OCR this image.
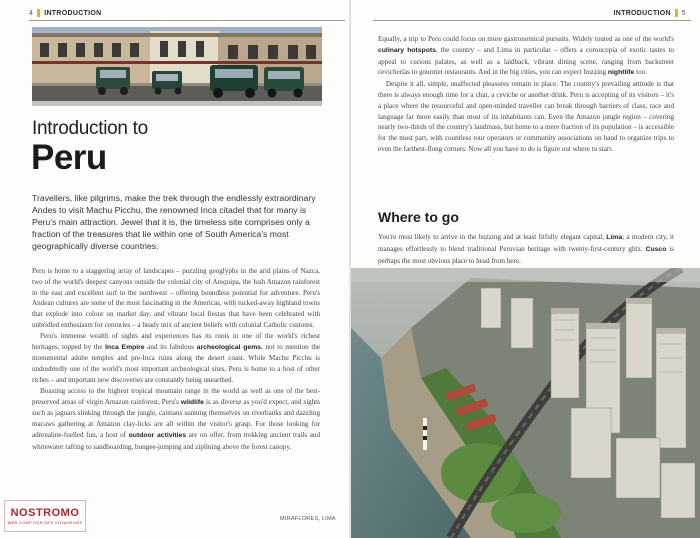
4 INTRODUCTION
Introduction to
Peru

Travellers, like pilgrims, make the trek through the endlessly extraordinary Andes to visit Machu Picchu, the renowned Inca citadel that for many is Peru's main attraction. Jewel that it is, the timeless site comprises only a fraction of the treasures that lie within one of South America's most geographically diverse countries.

Peru is home to a staggering array of landscapes – puzzling geoglyphs in the arid plains of Nazca, two of the world's deepest canyons outside the colonial city of Arequipa, the lush Amazon rainforest in the east and excellent surf in the northwest – offering boundless potential for adventure. Peru's Andean cultures are some of the most fascinating in the Americas, with tucked-away highland towns that explode into colour on market day, and vibrant local fiestas that have been celebrated with unbridled enthusiasm for centuries – a heady mix of ancient beliefs with colonial Catholic customs.

Peru's immense wealth of sights and experiences has its roots in one of the world's richest heritages, topped by the Inca Empire and its fabulous archeological gems, not to mention the monumental adobe temples and pre-Inca ruins along the desert coast. While Machu Picchu is undoubtedly one of the world's most important archeological sites, Peru is home to a host of other riches – and important new discoveries are constantly being unearthed.

Boasting access to the highest tropical mountain range in the world as well as one of the best-preserved areas of virgin Amazon rainforest, Peru's wildlife is as diverse as you'd expect, and sights such as jaguars slinking through the jungle, caimans sunning themselves on riverbanks and dazzling macaws gathering at Amazon clay-licks are all within the visitor's grasp. For those looking for adrenaline-fuelled fun, a host of outdoor activities are on offer, from trekking ancient trails and whitewater rafting to sandboarding, bungee-jumping and ziplining above the forest canopy.

MIRAFLORES, LIMA
NOSTROMO
WEB COMPTOIR DES VOYAGEURS
INTRODUCTION 5

Equally, a trip to Peru could focus on more gastronomical pursuits. Widely touted as one of the world's culinary hotspots, the country – and Lima in particular – offers a cornucopia of exotic tastes to appeal to curious palates, as well as a laidback, vibrant dining scene, ranging from backstreet cevicherías to gourmet restaurants. And in the big cities, you can expect buzzing nightlife too.

Despite it all, simple, unaffected pleasures remain in place. The country's prevailing attitude is that there is always enough time for a chat, a ceviche or another drink. Peru is accepting of its visitors – it's a place where the resourceful and open-minded traveller can break through barriers of class, race and language far more easily than most of its inhabitants can. Even the Amazon jungle region – covering nearly two-thirds of the country's landmass, but home to a mere fraction of its population – is accessible for the most part, with countless tour operators or community associations on hand to organize trips to even the farthest-flung corners. Now all you have to do is figure out where to start.

Where to go

You're most likely to arrive in the buzzing and at least fitfully elegant capital, Lima; a modern city, it manages effortlessly to blend traditional Peruvian heritage with twenty-first-century glitz. Cusco is perhaps the most obvious place to head from here.
